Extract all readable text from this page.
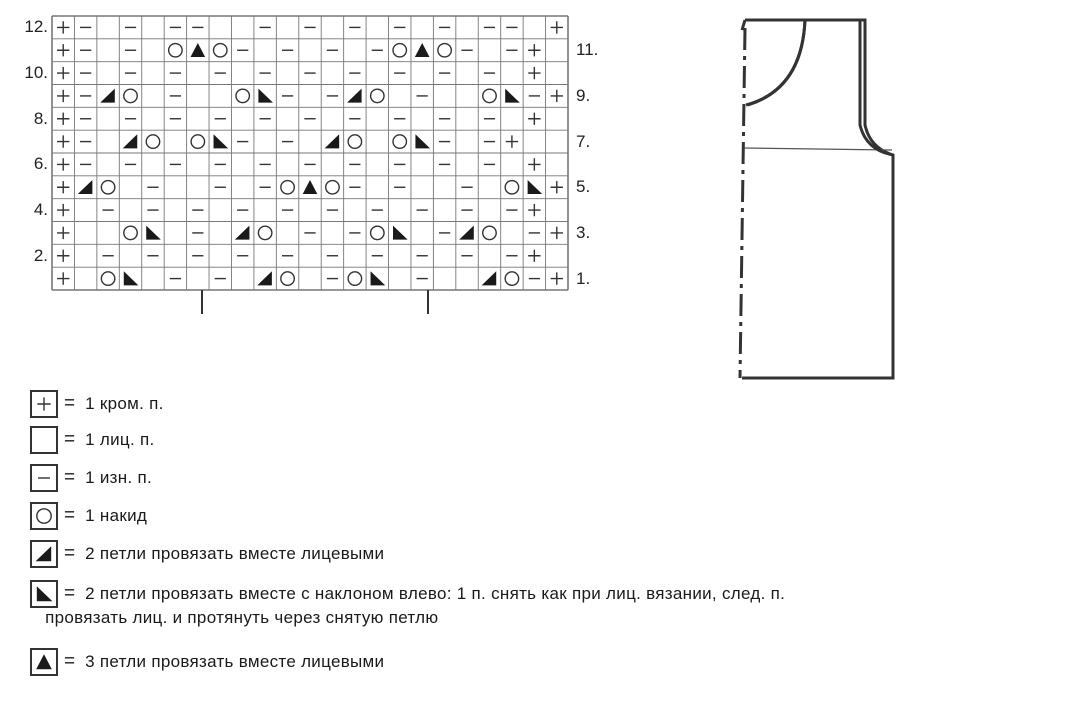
12.
11.
10.
9.
8.
7.
6.
5.
4.
3.
2.
1.
= 1 кром. п.
= 1 лиц. п.
= 1 изн. п.
= 1 накид
= 2 петли провязать вместе лицевыми
= 2 петли провязать вместе с наклоном влево: 1 п. снять как при лиц. вязании, след. п.
провязать лиц. и протянуть через снятую петлю
= 3 петли провязать вместе лицевыми
